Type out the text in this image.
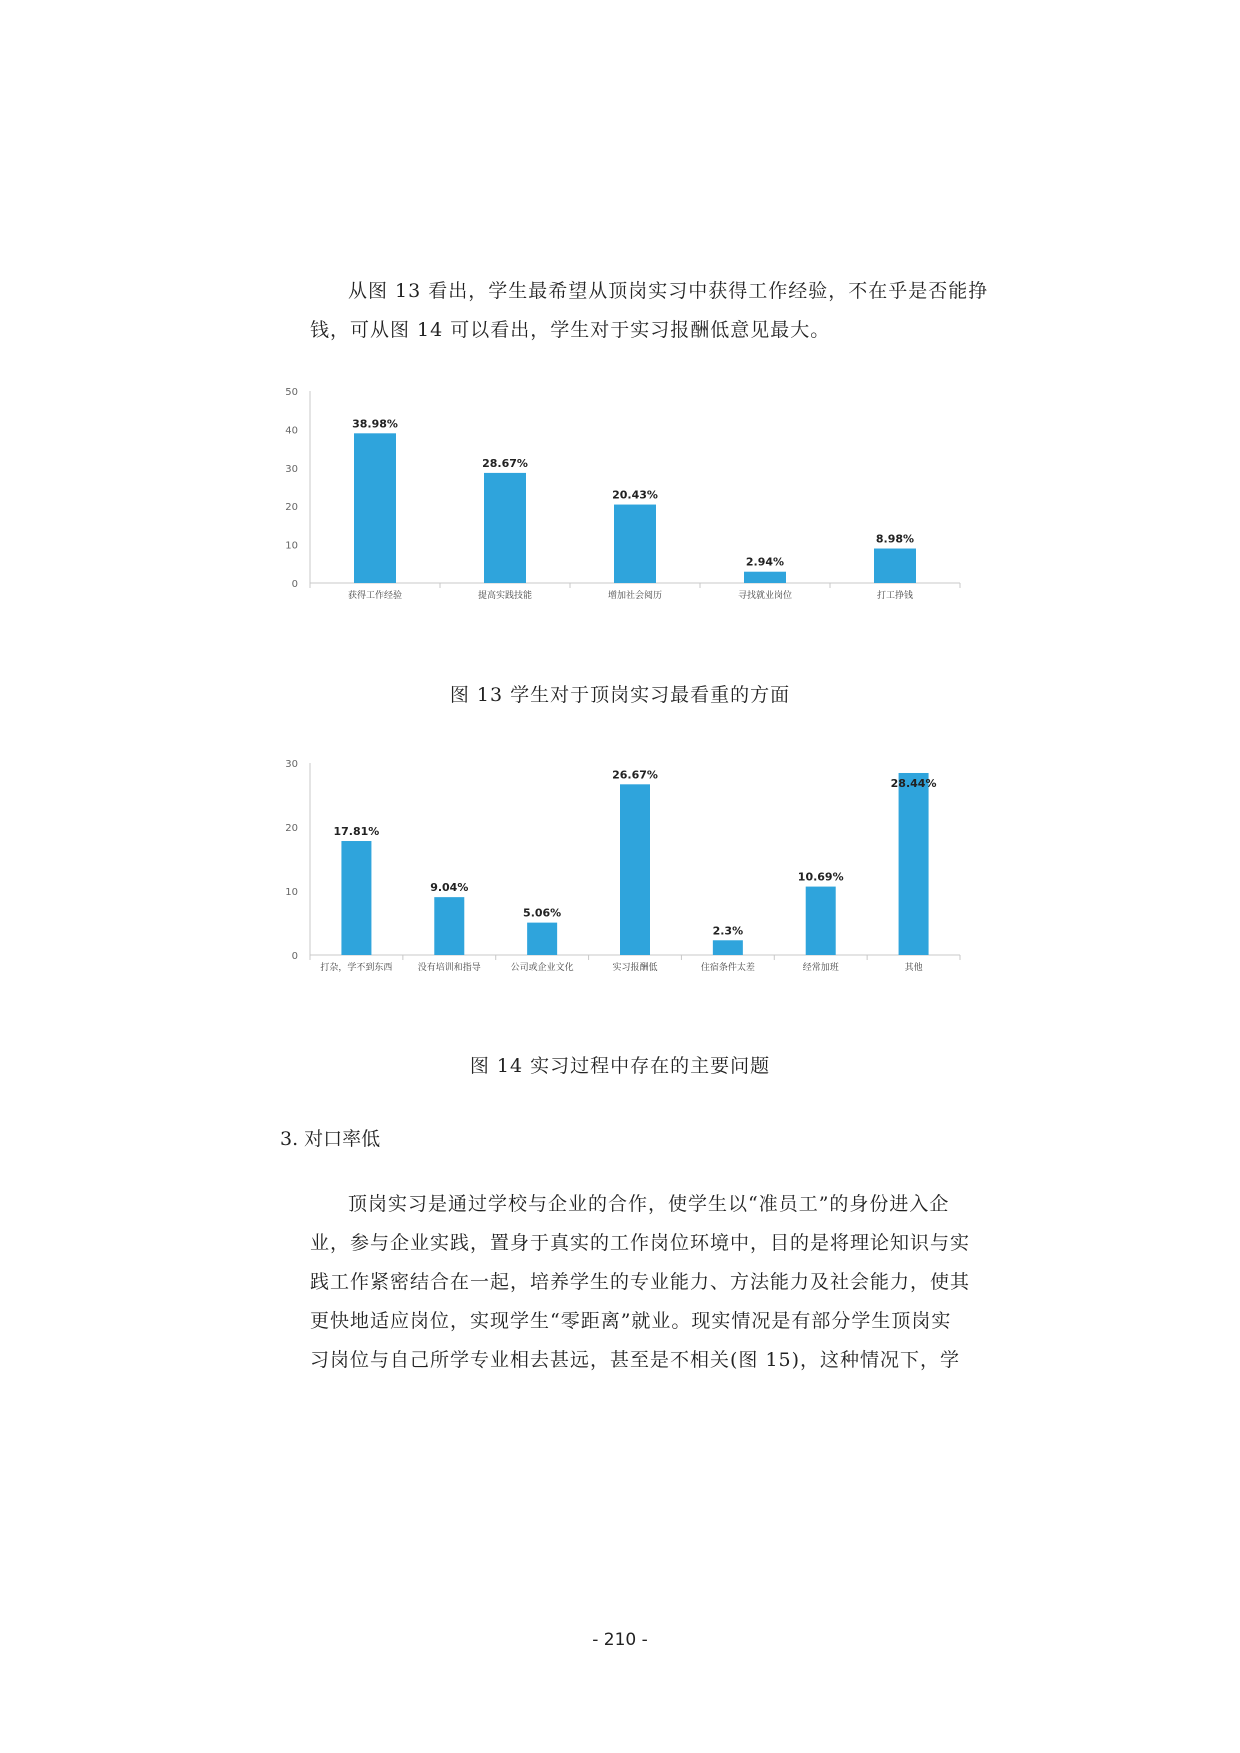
从图 13 看出，学生最希望从顶岗实习中获得工作经验，不在乎是否能挣
钱，可从图 14 可以看出，学生对于实习报酬低意见最大。
0
10
20
30
40
50
38.98%
获得工作经验
28.67%
提高实践技能
20.43%
增加社会阅历
2.94%
寻找就业岗位
8.98%
打工挣钱
图 13 学生对于顶岗实习最看重的方面
0
10
20
30
17.81%
打杂，学不到东西
9.04%
没有培训和指导
5.06%
公司或企业文化
26.67%
实习报酬低
2.3%
住宿条件太差
10.69%
经常加班
28.44%
其他
图 14 实习过程中存在的主要问题
3. 对口率低
顶岗实习是通过学校与企业的合作，使学生以“准员工”的身份进入企
业，参与企业实践，置身于真实的工作岗位环境中，目的是将理论知识与实
践工作紧密结合在一起，培养学生的专业能力、方法能力及社会能力，使其
更快地适应岗位，实现学生“零距离”就业。现实情况是有部分学生顶岗实
习岗位与自己所学专业相去甚远，甚至是不相关(图 15)，这种情况下，学
- 210 -
